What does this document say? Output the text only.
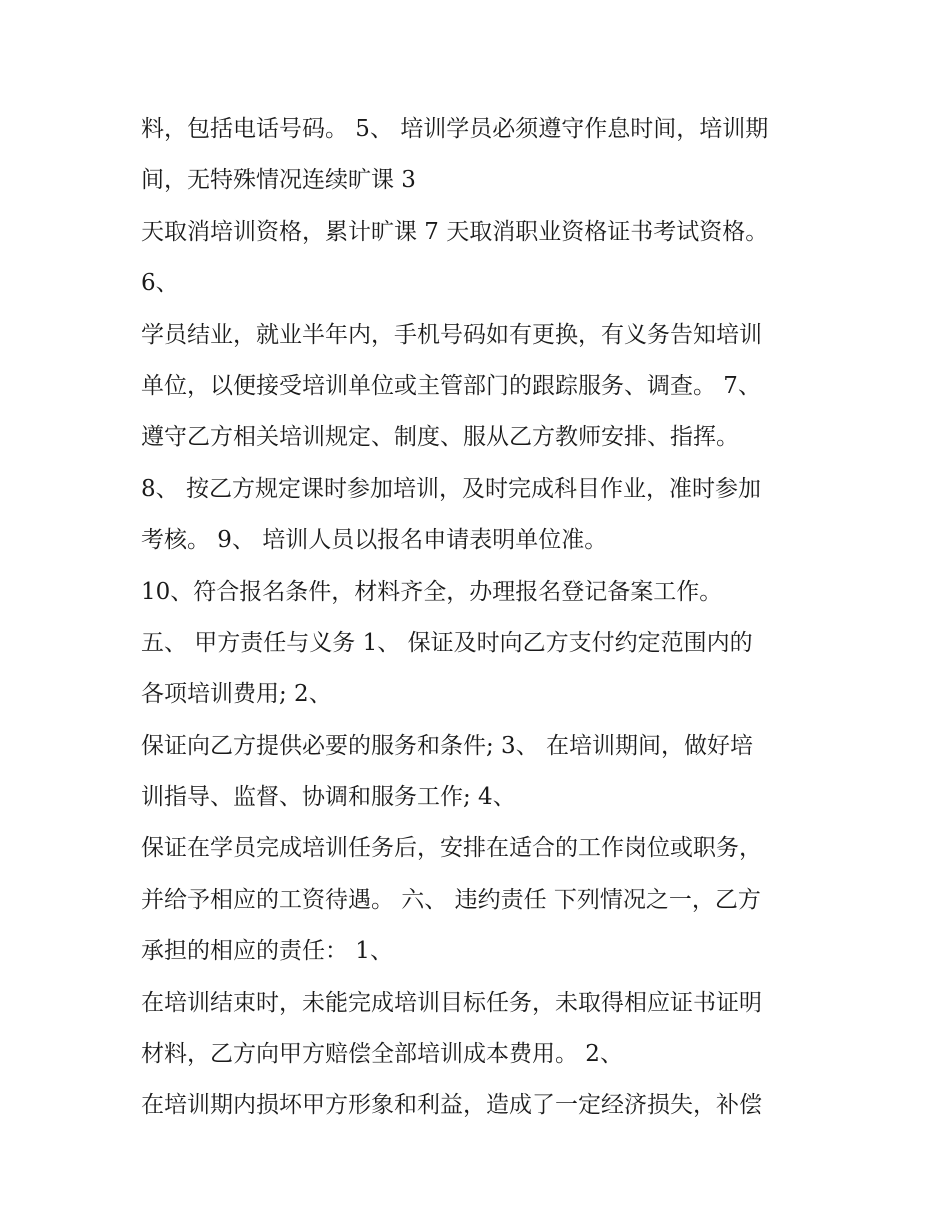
料，包括电话号码。 5、 培训学员必须遵守作息时间，培训期
间，无特殊情况连续旷课 3
天取消培训资格，累计旷课 7 天取消职业资格证书考试资格。
6、
学员结业，就业半年内，手机号码如有更换，有义务告知培训
单位，以便接受培训单位或主管部门的跟踪服务、调查。 7、
遵守乙方相关培训规定、制度、服从乙方教师安排、指挥。
8、 按乙方规定课时参加培训，及时完成科目作业，准时参加
考核。 9、 培训人员以报名申请表明单位准。
10、符合报名条件，材料齐全，办理报名登记备案工作。
五、 甲方责任与义务 1、 保证及时向乙方支付约定范围内的
各项培训费用; 2、
保证向乙方提供必要的服务和条件; 3、 在培训期间，做好培
训指导、监督、协调和服务工作; 4、
保证在学员完成培训任务后，安排在适合的工作岗位或职务，
并给予相应的工资待遇。 六、 违约责任 下列情况之一，乙方
承担的相应的责任： 1、
在培训结束时，未能完成培训目标任务，未取得相应证书证明
材料，乙方向甲方赔偿全部培训成本费用。 2、
在培训期内损坏甲方形象和利益，造成了一定经济损失，补偿
